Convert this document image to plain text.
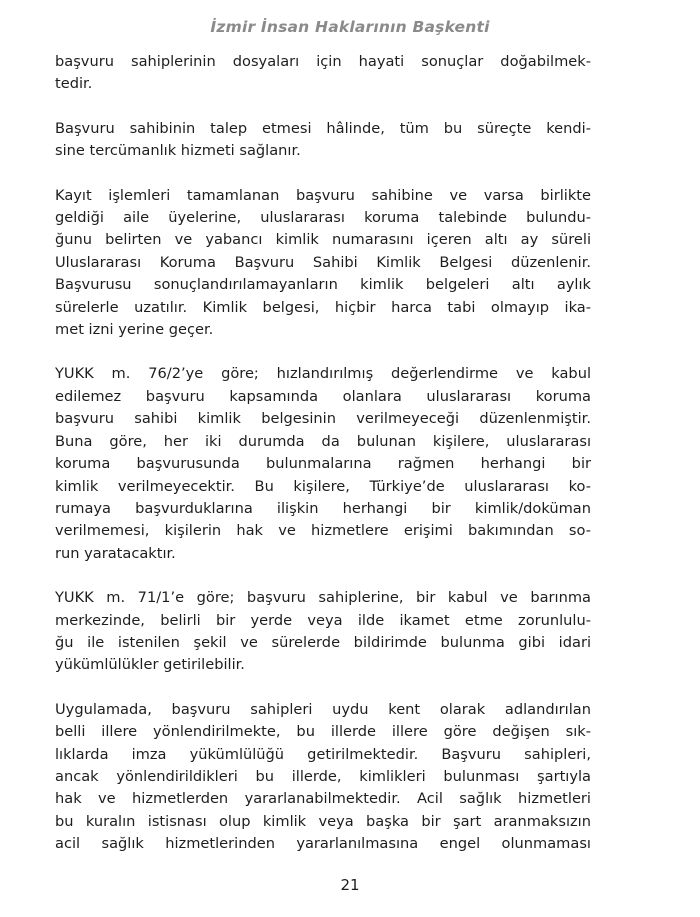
İzmir İnsan Haklarının Başkenti

başvuru sahiplerinin dosyaları için hayati sonuçlar doğabilmek-
tedir.

Başvuru sahibinin talep etmesi hâlinde, tüm bu süreçte kendi-
sine tercümanlık hizmeti sağlanır.

Kayıt işlemleri tamamlanan başvuru sahibine ve varsa birlikte
geldiği aile üyelerine, uluslararası koruma talebinde bulundu-
ğunu belirten ve yabancı kimlik numarasını içeren altı ay süreli
Uluslararası Koruma Başvuru Sahibi Kimlik Belgesi düzenlenir.
Başvurusu sonuçlandırılamayanların kimlik belgeleri altı aylık
sürelerle uzatılır. Kimlik belgesi, hiçbir harca tabi olmayıp ika-
met izni yerine geçer.

YUKK m. 76/2’ye göre; hızlandırılmış değerlendirme ve kabul
edilemez başvuru kapsamında olanlara uluslararası koruma
başvuru sahibi kimlik belgesinin verilmeyeceği düzenlenmiştir.
Buna göre, her iki durumda da bulunan kişilere, uluslararası
koruma başvurusunda bulunmalarına rağmen herhangi bir
kimlik verilmeyecektir. Bu kişilere, Türkiye’de uluslararası ko-
rumaya başvurduklarına ilişkin herhangi bir kimlik/doküman
verilmemesi, kişilerin hak ve hizmetlere erişimi bakımından so-
run yaratacaktır.

YUKK m. 71/1’e göre; başvuru sahiplerine, bir kabul ve barınma
merkezinde, belirli bir yerde veya ilde ikamet etme zorunlulu-
ğu ile istenilen şekil ve sürelerde bildirimde bulunma gibi idari
yükümlülükler getirilebilir.

Uygulamada, başvuru sahipleri uydu kent olarak adlandırılan
belli illere yönlendirilmekte, bu illerde illere göre değişen sık-
lıklarda imza yükümlülüğü getirilmektedir. Başvuru sahipleri,
ancak yönlendirildikleri bu illerde, kimlikleri bulunması şartıyla
hak ve hizmetlerden yararlanabilmektedir. Acil sağlık hizmetleri
bu kuralın istisnası olup kimlik veya başka bir şart aranmaksızın
acil sağlık hizmetlerinden yararlanılmasına engel olunmaması

21
